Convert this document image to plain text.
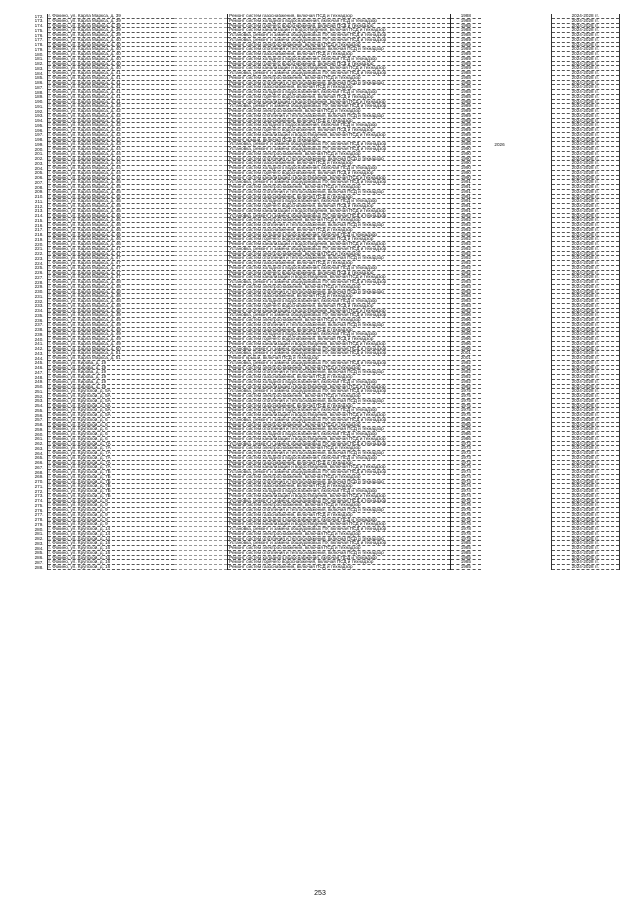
172.	г. Фокино, ул. Карла Маркса, д. 39		Ремонт систем газоснабжения, включая ПСД и технадзор	1988			2024-2028 гг.
173.	г. Фокино, ул. Карла Маркса, д. 39		Ремонт систем холодного водоснабжения, включая ПСД и технадзор	1988			2024-2028 гг.
174.	г. Фокино, ул. Карла Маркса, д. 39		Ремонт систем горячего водоснабжения, включая ПСД и технадзор	1988			2024-2028 гг.
175.	г. Фокино, ул. Карла Маркса, д. 39		Ремонт систем канализации и водоотведения, включая ПСД и технадзор	1988			2024-2028 гг.
176.	г. Фокино, ул. Карла Маркса, д. 39		Установка, ремонт и замена общедомовых ПУ, включая ПСД и технадзор	1988			2024-2028 гг.
177.	г. Фокино, ул. Карла Маркса, д. 40		Установка, ремонт и замена общедомовых ПУ, включая ПСД и технадзор	1989			2024-2028 гг.
178.	г. Фокино, ул. Карла Маркса, д. 40		Ремонт систем электроснабжения, включая ПСД и технадзор	1989			2024-2028 гг.
179.	г. Фокино, ул. Карла Маркса, д. 40		Ремонт систем отопления и теплоснабжения, включая ПСД и технадзор	1989			2024-2028 гг.
180.	г. Фокино, ул. Карла Маркса, д. 40		Ремонт систем газоснабжения, включая ПСД и технадзор	1989			2024-2028 гг.
181.	г. Фокино, ул. Карла Маркса, д. 40		Ремонт систем холодного водоснабжения, включая ПСД и технадзор	1989			2024-2028 гг.
182.	г. Фокино, ул. Карла Маркса, д. 40		Ремонт систем горячего водоснабжения, включая ПСД и технадзор	1989			2024-2028 гг.
183.	г. Фокино, ул. Карла Маркса, д. 40		Ремонт систем канализации и водоотведения, включая ПСД и технадзор	1989			2024-2028 гг.
184.	г. Фокино, ул. Карла Маркса, д. 41		Установка, ремонт и замена общедомовых ПУ, включая ПСД и технадзор	1988			2024-2028 гг.
185.	г. Фокино, ул. Карла Маркса, д. 41		Ремонт систем электроснабжения, включая ПСД и технадзор	1988			2024-2028 гг.
186.	г. Фокино, ул. Карла Маркса, д. 41		Ремонт систем отопления и теплоснабжения, включая ПСД и технадзор	1988			2024-2028 гг.
187.	г. Фокино, ул. Карла Маркса, д. 41		Ремонт систем газоснабжения, включая ПСД и технадзор	1988			2024-2028 гг.
188.	г. Фокино, ул. Карла Маркса, д. 41		Ремонт систем холодного водоснабжения, включая ПСД и технадзор	1988			2024-2028 гг.
189.	г. Фокино, ул. Карла Маркса, д. 41		Ремонт систем горячего водоснабжения, включая ПСД и технадзор	1988			2024-2028 гг.
190.	г. Фокино, ул. Карла Маркса, д. 41		Ремонт систем канализации и водоотведения, включая ПСД и технадзор	1988			2024-2028 гг.
191.	г. Фокино, ул. Карла Маркса, д. 42		Установка, ремонт и замена общедомовых ПУ, включая ПСД и технадзор	1989			2024-2028 гг.
192.	г. Фокино, ул. Карла Маркса, д. 42		Ремонт систем электроснабжения, включая ПСД и технадзор	1989			2024-2028 гг.
193.	г. Фокино, ул. Карла Маркса, д. 42		Ремонт систем отопления и теплоснабжения, включая ПСД и технадзор	1989			2024-2028 гг.
194.	г. Фокино, ул. Карла Маркса, д. 42		Ремонт систем газоснабжения, включая ПСД и технадзор	1989			2024-2028 гг.
195.	г. Фокино, ул. Карла Маркса, д. 42		Ремонт систем холодного водоснабжения, включая ПСД и технадзор	1989			2024-2028 гг.
196.	г. Фокино, ул. Карла Маркса, д. 42		Ремонт систем горячего водоснабжения, включая ПСД и технадзор	1989			2024-2028 гг.
197.	г. Фокино, ул. Карла Маркса, д. 42		Ремонт систем канализации и водоотведения, включая ПСД и технадзор	1989			2024-2028 гг.
198.	г. Фокино, ул. Карла Маркса, д. 43		Ремонт крыши, включая ПСД и технадзор	1988			2024-2028 гг.
199.	г. Фокино, ул. Карла Маркса, д. 43		Установка, ремонт и замена общедомовых ПУ, включая ПСД и технадзор	1988	2026		2024-2028 гг.
200.	г. Фокино, ул. Карла Маркса, д. 44		Установка, ремонт и замена общедомовых ПУ, включая ПСД и технадзор	1990			2024-2028 гг.
201.	г. Фокино, ул. Карла Маркса, д. 44		Ремонт систем электроснабжения, включая ПСД и технадзор	1990			2024-2028 гг.
202.	г. Фокино, ул. Карла Маркса, д. 44		Ремонт систем отопления и теплоснабжения, включая ПСД и технадзор	1990			2024-2028 гг.
203.	г. Фокино, ул. Карла Маркса, д. 44		Ремонт систем газоснабжения, включая ПСД и технадзор	1990			2024-2028 гг.
204.	г. Фокино, ул. Карла Маркса, д. 44		Ремонт систем холодного водоснабжения, включая ПСД и технадзор	1990			2024-2028 гг.
205.	г. Фокино, ул. Карла Маркса, д. 44		Ремонт систем горячего водоснабжения, включая ПСД и технадзор	1990			2024-2028 гг.
206.	г. Фокино, ул. Карла Маркса, д. 44		Ремонт систем канализации и водоотведения, включая ПСД и технадзор	1990			2024-2028 гг.
207.	г. Фокино, ул. Карла Маркса, д. 45		Установка, ремонт и замена общедомовых ПУ, включая ПСД и технадзор	1991			2024-2028 гг.
208.	г. Фокино, ул. Карла Маркса, д. 45		Ремонт систем электроснабжения, включая ПСД и технадзор	1991			2024-2028 гг.
209.	г. Фокино, ул. Карла Маркса, д. 45		Ремонт систем отопления и теплоснабжения, включая ПСД и технадзор	1991			2024-2028 гг.
210.	г. Фокино, ул. Карла Маркса, д. 45		Ремонт систем газоснабжения, включая ПСД и технадзор	1991			2024-2028 гг.
211.	г. Фокино, ул. Карла Маркса, д. 45		Ремонт систем холодного водоснабжения, включая ПСД и технадзор	1991			2024-2028 гг.
212.	г. Фокино, ул. Карла Маркса, д. 45		Ремонт систем горячего водоснабжения, включая ПСД и технадзор	1991			2024-2028 гг.
213.	г. Фокино, ул. Карла Маркса, д. 45		Ремонт систем канализации и водоотведения, включая ПСД и технадзор	1991			2024-2028 гг.
214.	г. Фокино, ул. Карла Маркса, д. 46		Установка, ремонт и замена общедомовых ПУ, включая ПСД и технадзор	1992			2024-2028 гг.
215.	г. Фокино, ул. Карла Маркса, д. 46		Ремонт систем электроснабжения, включая ПСД и технадзор	1992			2024-2028 гг.
216.	г. Фокино, ул. Карла Маркса, д. 46		Ремонт систем отопления и теплоснабжения, включая ПСД и технадзор	1992			2024-2028 гг.
217.	г. Фокино, ул. Карла Маркса, д. 46		Ремонт систем газоснабжения, включая ПСД и технадзор	1992			2024-2028 гг.
218.	г. Фокино, ул. Карла Маркса, д. 46		Ремонт систем холодного водоснабжения, включая ПСД и технадзор	1992			2024-2028 гг.
219.	г. Фокино, ул. Карла Маркса, д. 46		Ремонт систем горячего водоснабжения, включая ПСД и технадзор	1992			2024-2028 гг.
220.	г. Фокино, ул. Карла Маркса, д. 46		Ремонт систем канализации и водоотведения, включая ПСД и технадзор	1992			2024-2028 гг.
221.	г. Фокино, ул. Карла Маркса, д. 47		Установка, ремонт и замена общедомовых ПУ, включая ПСД и технадзор	1992			2024-2028 гг.
222.	г. Фокино, ул. Карла Маркса, д. 47		Ремонт систем электроснабжения, включая ПСД и технадзор	1992			2024-2028 гг.
223.	г. Фокино, ул. Карла Маркса, д. 47		Ремонт систем отопления и теплоснабжения, включая ПСД и технадзор	1992			2024-2028 гг.
224.	г. Фокино, ул. Карла Маркса, д. 47		Ремонт систем газоснабжения, включая ПСД и технадзор	1992			2024-2028 гг.
225.	г. Фокино, ул. Карла Маркса, д. 47		Ремонт систем холодного водоснабжения, включая ПСД и технадзор	1992			2024-2028 гг.
226.	г. Фокино, ул. Карла Маркса, д. 47		Ремонт систем горячего водоснабжения, включая ПСД и технадзор	1992			2024-2028 гг.
227.	г. Фокино, ул. Карла Маркса, д. 47		Ремонт систем канализации и водоотведения, включая ПСД и технадзор	1992			2024-2028 гг.
228.	г. Фокино, ул. Карла Маркса, д. 48		Установка, ремонт и замена общедомовых ПУ, включая ПСД и технадзор	1993			2024-2028 гг.
229.	г. Фокино, ул. Карла Маркса, д. 48		Ремонт систем электроснабжения, включая ПСД и технадзор	1993			2024-2028 гг.
230.	г. Фокино, ул. Карла Маркса, д. 48		Ремонт систем отопления и теплоснабжения, включая ПСД и технадзор	1993			2024-2028 гг.
231.	г. Фокино, ул. Карла Маркса, д. 48		Ремонт систем газоснабжения, включая ПСД и технадзор	1993			2024-2028 гг.
232.	г. Фокино, ул. Карла Маркса, д. 48		Ремонт систем холодного водоснабжения, включая ПСД и технадзор	1993			2024-2028 гг.
233.	г. Фокино, ул. Карла Маркса, д. 48		Ремонт систем горячего водоснабжения, включая ПСД и технадзор	1993			2024-2028 гг.
234.	г. Фокино, ул. Карла Маркса, д. 48		Ремонт систем канализации и водоотведения, включая ПСД и технадзор	1993			2024-2028 гг.
235.	г. Фокино, ул. Карла Маркса, д. 49		Установка, ремонт и замена общедомовых ПУ, включая ПСД и технадзор	1996			2024-2028 гг.
236.	г. Фокино, ул. Карла Маркса, д. 49		Ремонт систем электроснабжения, включая ПСД и технадзор	1996			2024-2028 гг.
237.	г. Фокино, ул. Карла Маркса, д. 49		Ремонт систем отопления и теплоснабжения, включая ПСД и технадзор	1996			2024-2028 гг.
238.	г. Фокино, ул. Карла Маркса, д. 49		Ремонт систем газоснабжения, включая ПСД и технадзор	1996			2024-2028 гг.
239.	г. Фокино, ул. Карла Маркса, д. 49		Ремонт систем холодного водоснабжения, включая ПСД и технадзор	1996			2024-2028 гг.
240.	г. Фокино, ул. Карла Маркса, д. 49		Ремонт систем горячего водоснабжения, включая ПСД и технадзор	1996			2024-2028 гг.
241.	г. Фокино, ул. Карла Маркса, д. 49		Ремонт систем канализации и водоотведения, включая ПСД и технадзор	1996			2024-2028 гг.
242.	г. Фокино, ул. Карла Маркса, д. 50		Установка, ремонт и замена общедомовых ПУ, включая ПСД и технадзор	1996			2024-2028 гг.
243.	г. Фокино, ул. Карла Маркса, д. 51		Установка, ремонт и замена общедомовых ПУ, включая ПСД и технадзор	2001			2024-2028 гг.
244.	г. Фокино, ул. Карла Маркса, д. 51		Ремонт крыши, включая ПСД и технадзор	2001			2024-2028 гг.
245.	г. Фокино, ул. Кирова, д. 19		Установка, ремонт и замена общедомовых ПУ, включая ПСД и технадзор	1992			2024-2028 гг.
246.	г. Фокино, ул. Кирова, д. 19		Ремонт систем электроснабжения, включая ПСД и технадзор	1992			2024-2028 гг.
247.	г. Фокино, ул. Кирова, д. 19		Ремонт систем отопления и теплоснабжения, включая ПСД и технадзор	1992			2024-2028 гг.
248.	г. Фокино, ул. Кирова, д. 19		Ремонт систем газоснабжения, включая ПСД и технадзор	1992			2024-2028 гг.
249.	г. Фокино, ул. Кирова, д. 19		Ремонт систем холодного водоснабжения, включая ПСД и технадзор	1992			2024-2028 гг.
250.	г. Фокино, ул. Кирова, д. 19		Ремонт систем канализации и водоотведения, включая ПСД и технадзор	1992			2024-2028 гг.
251.	г. Фокино, ул. Крупской, д. 5А		Установка, ремонт и замена общедомовых ПУ, включая ПСД и технадзор	1975			2024-2028 гг.
252.	г. Фокино, ул. Крупской, д. 5А		Ремонт систем электроснабжения, включая ПСД и технадзор	1975			2024-2028 гг.
253.	г. Фокино, ул. Крупской, д. 5А		Ремонт систем отопления и теплоснабжения, включая ПСД и технадзор	1975			2024-2028 гг.
254.	г. Фокино, ул. Крупской, д. 5А		Ремонт систем газоснабжения, включая ПСД и технадзор	1975			2024-2028 гг.
255.	г. Фокино, ул. Крупской, д. 5А		Ремонт систем холодного водоснабжения, включая ПСД и технадзор	1975			2024-2028 гг.
256.	г. Фокино, ул. Крупской, д. 5А		Ремонт систем канализации и водоотведения, включая ПСД и технадзор	1975			2024-2028 гг.
257.	г. Фокино, ул. Крупской, д. 6		Установка, ремонт и замена общедомовых ПУ, включая ПСД и технадзор	1986			2024-2028 гг.
258.	г. Фокино, ул. Крупской, д. 6		Ремонт систем электроснабжения, включая ПСД и технадзор	1986			2024-2028 гг.
259.	г. Фокино, ул. Крупской, д. 6		Ремонт систем отопления и теплоснабжения, включая ПСД и технадзор	1986			2024-2028 гг.
260.	г. Фокино, ул. Крупской, д. 6		Ремонт систем холодного водоснабжения, включая ПСД и технадзор	1986			2024-2028 гг.
261.	г. Фокино, ул. Крупской, д. 6		Ремонт систем канализации и водоотведения, включая ПСД и технадзор	1986			2024-2028 гг.
262.	г. Фокино, ул. Крупской, д. 7А		Установка, ремонт и замена общедомовых ПУ, включая ПСД и технадзор	1973			2024-2028 гг.
263.	г. Фокино, ул. Крупской, д. 7А		Ремонт систем электроснабжения, включая ПСД и технадзор	1973			2024-2028 гг.
264.	г. Фокино, ул. Крупской, д. 7А		Ремонт систем отопления и теплоснабжения, включая ПСД и технадзор	1973			2024-2028 гг.
265.	г. Фокино, ул. Крупской, д. 7А		Ремонт систем холодного водоснабжения, включая ПСД и технадзор	1973			2024-2028 гг.
266.	г. Фокино, ул. Крупской, д. 7А		Ремонт систем газоснабжения, включая ПСД и технадзор	1973			2024-2028 гг.
267.	г. Фокино, ул. Крупской, д. 7А		Ремонт систем канализации и водоотведения, включая ПСД и технадзор	1973			2024-2028 гг.
268.	г. Фокино, ул. Крупской, д. 7Б		Установка, ремонт и замена общедомовых ПУ, включая ПСД и технадзор	1974			2024-2028 гг.
269.	г. Фокино, ул. Крупской, д. 7Б		Ремонт систем электроснабжения, включая ПСД и технадзор	1974			2024-2028 гг.
270.	г. Фокино, ул. Крупской, д. 7Б		Ремонт систем отопления и теплоснабжения, включая ПСД и технадзор	1974			2024-2028 гг.
271.	г. Фокино, ул. Крупской, д. 7Б		Ремонт систем газоснабжения, включая ПСД и технадзор	1974			2024-2028 гг.
272.	г. Фокино, ул. Крупской, д. 7Б		Ремонт систем холодного водоснабжения, включая ПСД и технадзор	1974			2024-2028 гг.
273.	г. Фокино, ул. Крупской, д. 7Б		Ремонт систем канализации и водоотведения, включая ПСД и технадзор	1974			2024-2028 гг.
274.	г. Фокино, ул. Крупской, д. 9		Установка, ремонт и замена общедомовых ПУ, включая ПСД и технадзор	1976			2024-2028 гг.
275.	г. Фокино, ул. Крупской, д. 9		Ремонт систем электроснабжения, включая ПСД и технадзор	1976			2024-2028 гг.
276.	г. Фокино, ул. Крупской, д. 9		Ремонт систем отопления и теплоснабжения, включая ПСД и технадзор	1976			2024-2028 гг.
277.	г. Фокино, ул. Крупской, д. 9		Ремонт систем газоснабжения, включая ПСД и технадзор	1976			2024-2028 гг.
278.	г. Фокино, ул. Крупской, д. 9		Ремонт систем холодного водоснабжения, включая ПСД и технадзор	1976			2024-2028 гг.
279.	г. Фокино, ул. Крупской, д. 9		Ремонт систем канализации и водоотведения, включая ПСД и технадзор	1976			2024-2028 гг.
280.	г. Фокино, ул. Крупской, д. 14		Установка, ремонт и замена общедомовых ПУ, включая ПСД и технадзор	1978			2024-2028 гг.
281.	г. Фокино, ул. Крупской, д. 14		Ремонт систем электроснабжения, включая ПСД и технадзор	1978			2024-2028 гг.
282.	г. Фокино, ул. Крупской, д. 14		Ремонт систем отопления и теплоснабжения, включая ПСД и технадзор	1978			2024-2028 гг.
283.	г. Фокино, ул. Крупской, д. 16		Установка, ремонт и замена общедомовых ПУ, включая ПСД и технадзор	1985			2024-2028 гг.
284.	г. Фокино, ул. Крупской, д. 16		Ремонт систем электроснабжения, включая ПСД и технадзор	1985			2024-2028 гг.
285.	г. Фокино, ул. Крупской, д. 16		Ремонт систем отопления и теплоснабжения, включая ПСД и технадзор	1985			2024-2028 гг.
286.	г. Фокино, ул. Крупской, д. 16		Ремонт систем холодного водоснабжения, включая ПСД и технадзор	1985			2024-2028 гг.
287.	г. Фокино, ул. Крупской, д. 16		Ремонт систем горячего водоснабжения, включая ПСД и технадзор	1985			2024-2028 гг.
288.	г. Фокино, ул. Крупской, д. 16		Ремонт систем газоснабжения, включая ПСД и технадзор	1985			2024-2028 гг.
253
